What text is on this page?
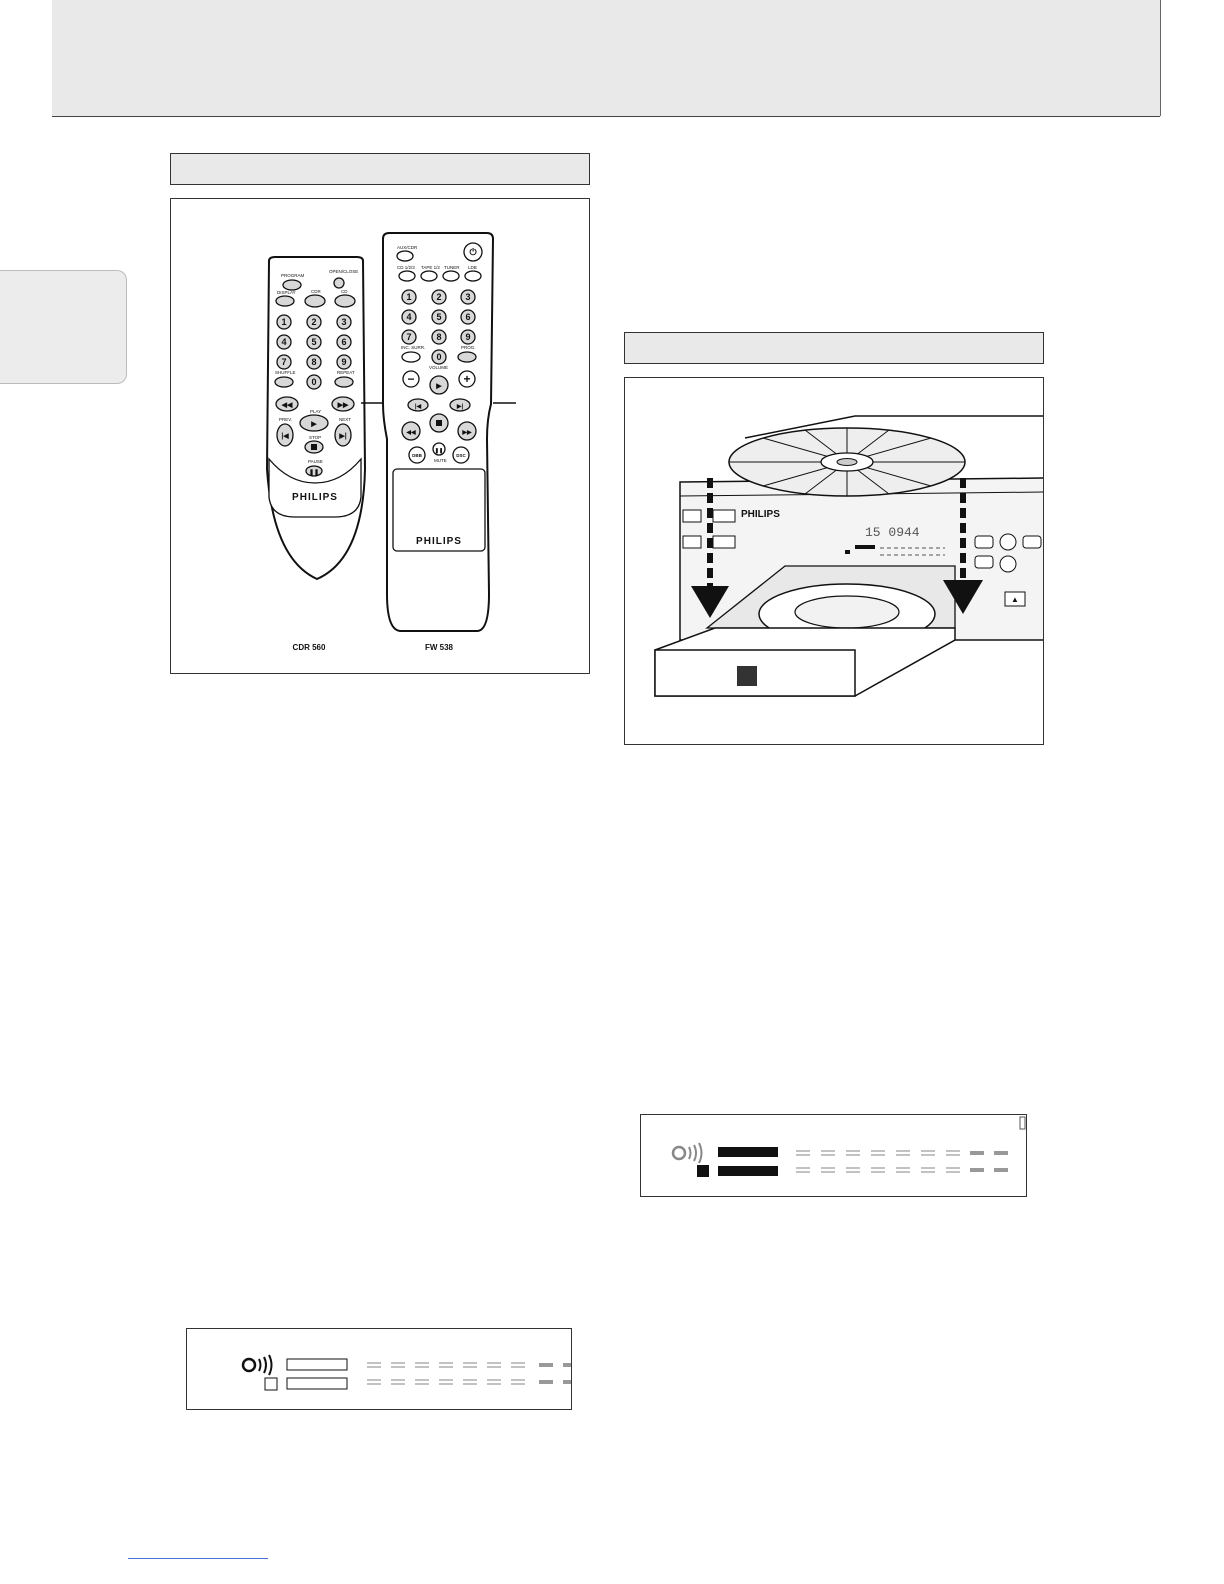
PROGRAM
OPEN/CLOSE
DISPLAY	CDR	CD
1	2	3
4	5	6
7	8	9
0
SHUFFLE	REPEAT
◀◀	▶▶
PLAY
▶
PREV.
|◀
NEXT
▶|
STOP
PAUSE
❚❚
PHILIPS
AUX/CDR	⏻
CD 1/2/3 TAPE 1/2 TUNER LDB
1	2	3
4	5	6
7	8	9
0
INC. SURR.	PROG.
VOLUME
−	+
▶
|◀	▶|
◀◀	▶▶
DBB
❚❚
MUTE
DSC
PHILIPS
CDR 560	FW 538
PHILIPS
15 0944
▲
